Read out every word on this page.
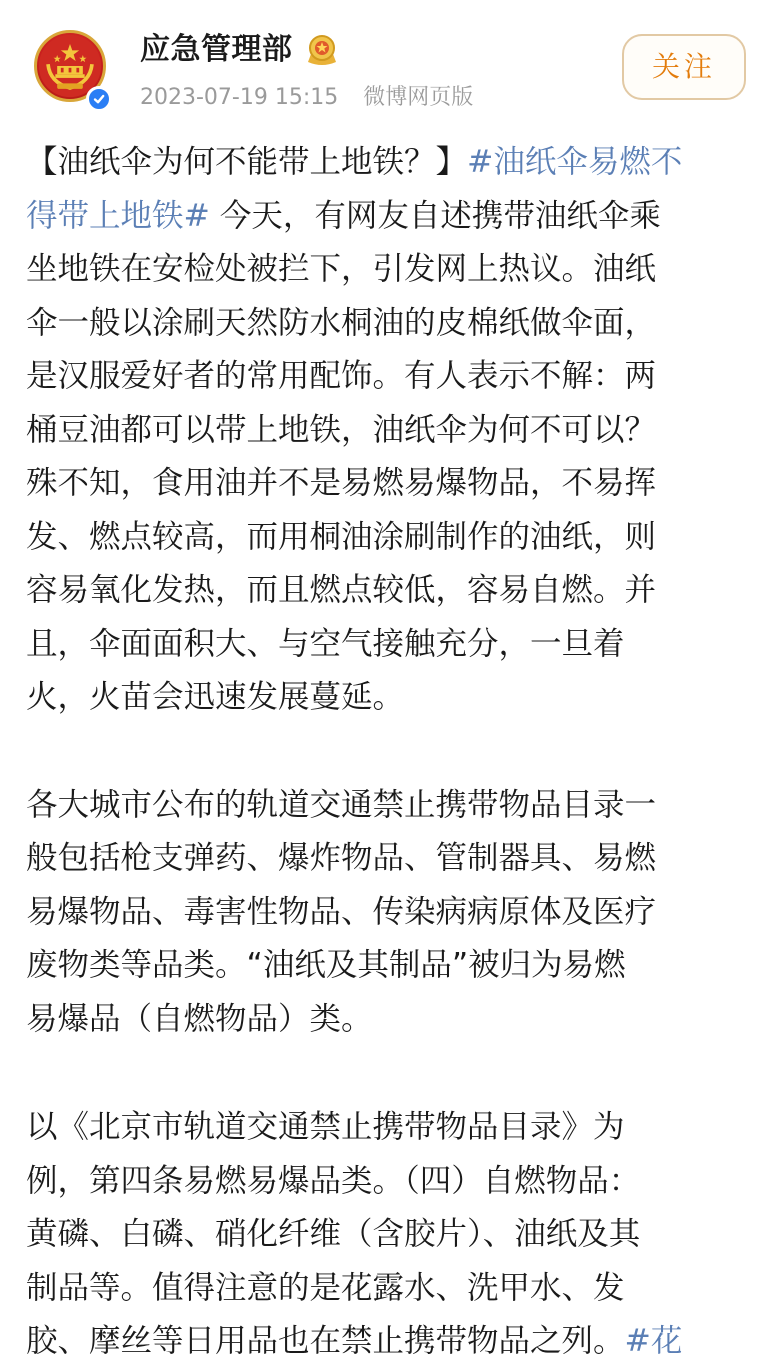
应急管理部
2023-07-19 15:15 微博网页版
关注

【油纸伞为何不能带上地铁？】#油纸伞易燃不
得带上地铁# 今天，有网友自述携带油纸伞乘
坐地铁在安检处被拦下，引发网上热议。油纸
伞一般以涂刷天然防水桐油的皮棉纸做伞面，
是汉服爱好者的常用配饰。有人表示不解：两
桶豆油都可以带上地铁，油纸伞为何不可以？
殊不知，食用油并不是易燃易爆物品，不易挥
发、燃点较高，而用桐油涂刷制作的油纸，则
容易氧化发热，而且燃点较低，容易自燃。并
且，伞面面积大、与空气接触充分，一旦着
火，火苗会迅速发展蔓延。

各大城市公布的轨道交通禁止携带物品目录一
般包括枪支弹药、爆炸物品、管制器具、易燃
易爆物品、毒害性物品、传染病病原体及医疗
废物类等品类。“油纸及其制品”被归为易燃
易爆品（自燃物品）类。

以《北京市轨道交通禁止携带物品目录》为
例，第四条易燃易爆品类。（四）自燃物品：
黄磷、白磷、硝化纤维（含胶片）、油纸及其
制品等。值得注意的是花露水、洗甲水、发
胶、摩丝等日用品也在禁止携带物品之列。#花
